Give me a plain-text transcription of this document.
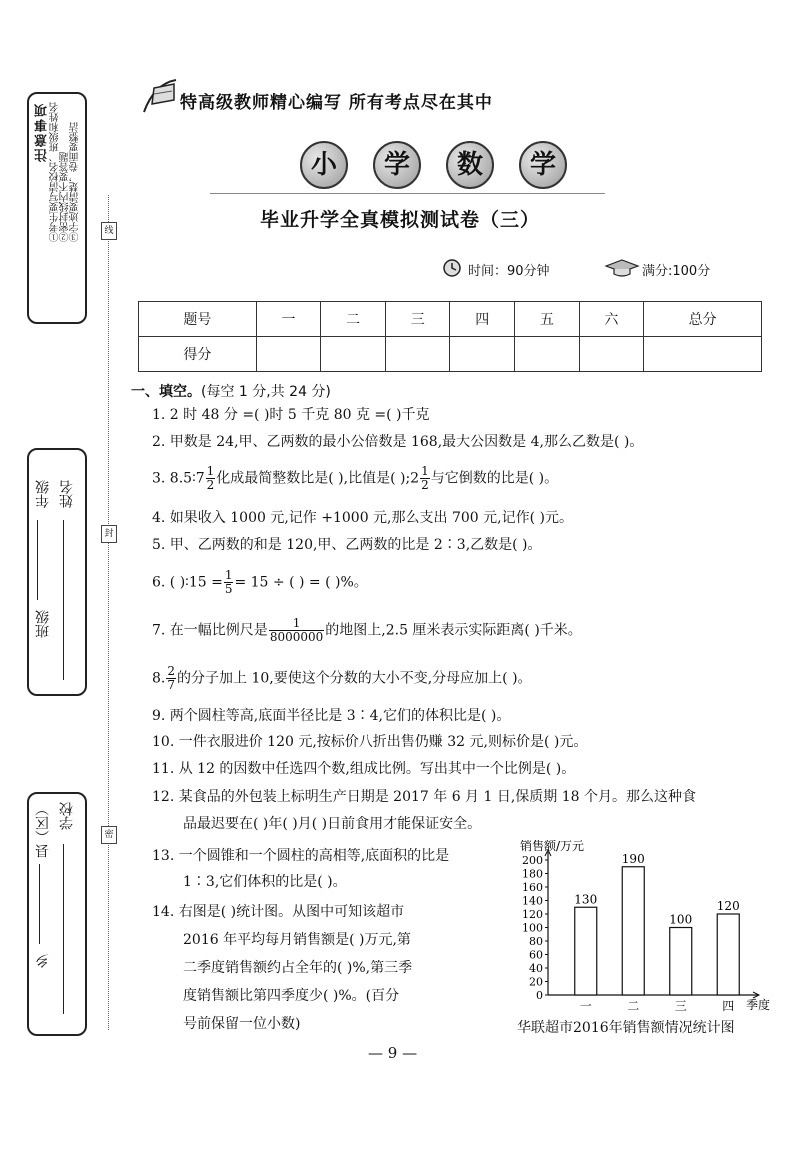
注意事项 ①考生要写清校名、班级和姓名 ②密封线内不要答题 ③字迹要清楚，卷面要整洁
年级
班级
姓名
县（区）
乡
学校
线
封
密
特高级教师精心编写 所有考点尽在其中
小	学	数	学
毕业升学全真模拟测试卷（三）
时间：90分钟	满分:100分
题号	一	二	三	四	五	六	总分
得分							
一、填空。(每空 1 分,共 24 分)
1. 2 时 48 分 =( )时 5 千克 80 克 =( )千克
2. 甲数是 24,甲、乙两数的最小公倍数是 168,最大公因数是 4,那么乙数是( )。
3. 8.5∶7 $\frac{1}{2}$ 化成最简整数比是( ),比值是( );2 $\frac{1}{2}$ 与它倒数的比是( )。
4. 如果收入 1000 元,记作 +1000 元,那么支出 700 元,记作( )元。
5. 甲、乙两数的和是 120,甲、乙两数的比是 2∶3,乙数是( )。
6. ( )∶15 = $\frac{1}{5} = 15$ ÷ ( ) = ( )%。
7. 在一幅比例尺是 $\frac{1}{8000000}$ 的地图上,2.5 厘米表示实际距离( )千米。
8. $\frac{2}{7}$ 的分子加上 10,要使这个分数的大小不变,分母应加上( )。
9. 两个圆柱等高,底面半径比是 3∶4,它们的体积比是( )。
10. 一件衣服进价 120 元,按标价八折出售仍赚 32 元,则标价是( )元。
11. 从 12 的因数中任选四个数,组成比例。写出其中一个比例是( )。
12. 某食品的外包装上标明生产日期是 2017 年 6 月 1 日,保质期 18 个月。那么这种食
品最迟要在( )年( )月( )日前食用才能保证安全。
13. 一个圆锥和一个圆柱的高相等,底面积的比是
1∶3,它们体积的比是( )。
14. 右图是( )统计图。从图中可知该超市
2016 年平均每月销售额是( )万元,第
二季度销售额约占全年的( )%,第三季
度销售额比第四季度少( )%。(百分
号前保留一位小数)
销售额/万元
季度
0
20
40
60
80
100
120
140
160
180
200
130
一
190
二
100
三
120
四
华联超市2016年销售额情况统计图
— 9 —
